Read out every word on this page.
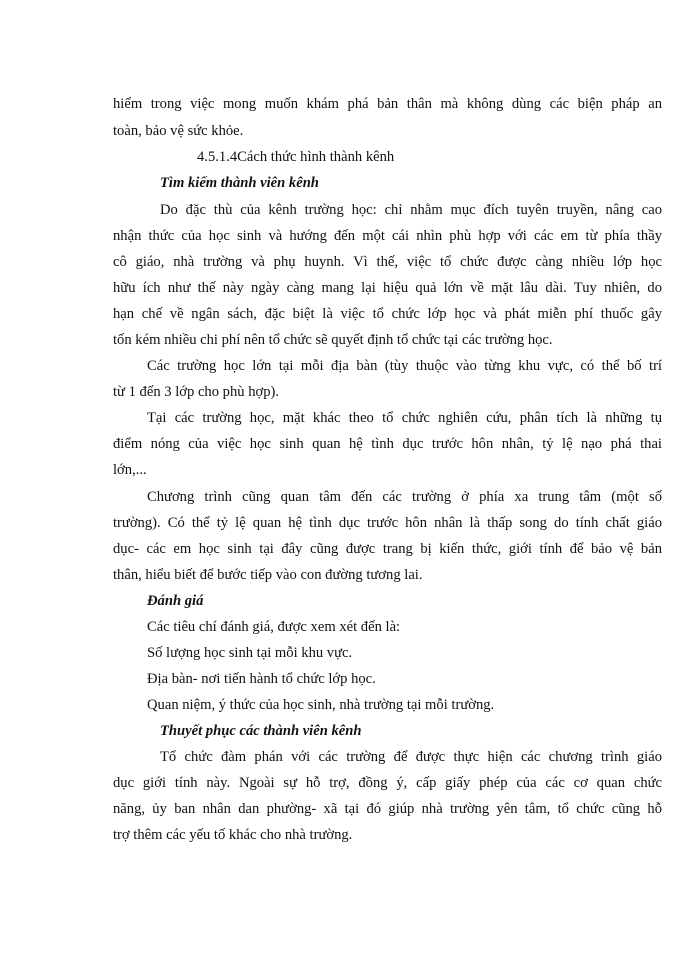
hiểm trong việc mong muốn khám phá bản thân mà không dùng các biện pháp an
toàn, bảo vệ sức khỏe.
4.5.1.4Cách thức hình thành kênh
Tìm kiếm thành viên kênh
Do đặc thù của kênh trường học: chỉ nhằm mục đích tuyên truyền, nâng cao
nhận thức của học sinh và hướng đến một cái nhìn phù hợp với các em từ phía thầy
cô giáo, nhà trường và phụ huynh. Vì thế, việc tổ chức được càng nhiều lớp học
hữu ích như thế này ngày càng mang lại hiệu quả lớn về mặt lâu dài. Tuy nhiên, do
hạn chế về ngân sách, đặc biệt là việc tổ chức lớp học và phát miễn phí thuốc gây
tốn kém nhiều chi phí nên tổ chức sẽ quyết định tổ chức tại các trường học.
Các trường học lớn tại mỗi địa bàn (tùy thuộc vào từng khu vực, có thể bố trí
từ 1 đến 3 lớp cho phù hợp).
Tại các trường học, mặt khác theo tổ chức nghiên cứu, phân tích là những tụ
điểm nóng của việc học sinh quan hệ tình dục trước hôn nhân, tỷ lệ nạo phá thai
lớn,...
Chương trình cũng quan tâm đến các trường ở phía xa trung tâm (một số
trường). Có thể tỷ lệ quan hệ tình dục trước hôn nhân là thấp song do tính chất giáo
dục- các em học sinh tại đây cũng được trang bị kiến thức, giới tính để bảo vệ bản
thân, hiểu biết để bước tiếp vào con đường tương lai.
Đánh giá
Các tiêu chí đánh giá, được xem xét đến là:
Số lượng học sinh tại mỗi khu vực.
Địa bàn- nơi tiến hành tổ chức lớp học.
Quan niệm, ý thức của học sinh, nhà trường tại mỗi trường.
Thuyết phục các thành viên kênh
Tổ chức đàm phán với các trường để được thực hiện các chương trình giáo
dục giới tính này. Ngoài sự hỗ trợ, đồng ý, cấp giấy phép của các cơ quan chức
năng, ủy ban nhân dan phường- xã tại đó giúp nhà trường yên tâm, tổ chức cũng hỗ
trợ thêm các yếu tố khác cho nhà trường.
